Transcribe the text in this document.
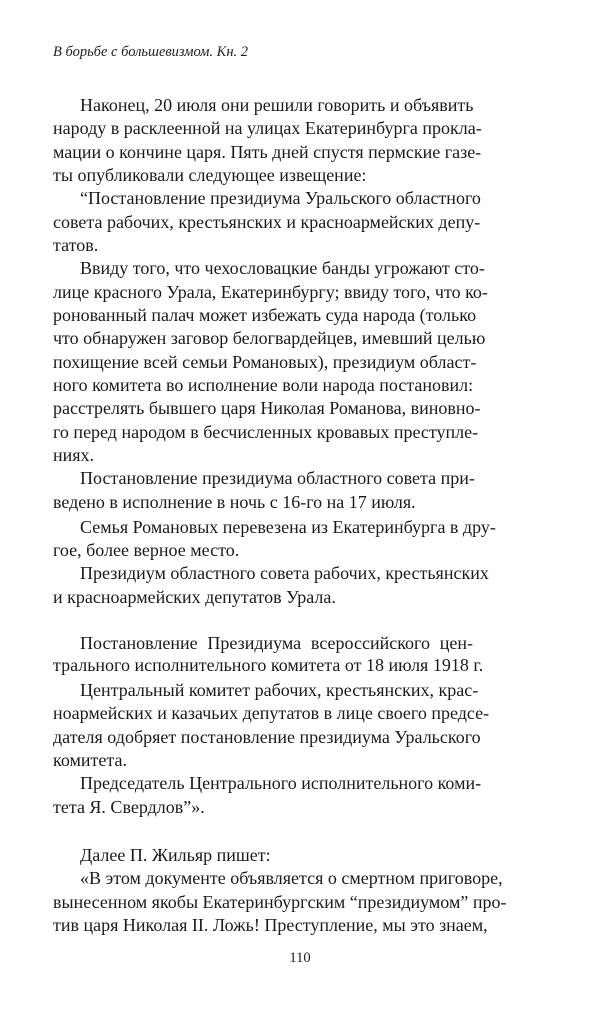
В борьбе с большевизмом. Кн. 2
Наконец, 20 июля они решили говорить и объявить
народу в расклеенной на улицах Екатеринбурга прокла-
мации о кончине царя. Пять дней спустя пермские газе-
ты опубликовали следующее извещение:
“Постановление президиума Уральского областного
совета рабочих, крестьянских и красноармейских депу-
татов.
Ввиду того, что чехословацкие банды угрожают сто-
лице красного Урала, Екатеринбургу; ввиду того, что ко-
ронованный палач может избежать суда народа (только
что обнаружен заговор белогвардейцев, имевший целью
похищение всей семьи Романовых), президиум област-
ного комитета во исполнение воли народа постановил:
расстрелять бывшего царя Николая Романова, виновно-
го перед народом в бесчисленных кровавых преступле-
ниях.
Постановление президиума областного совета при-
ведено в исполнение в ночь с 16-го на 17 июля.
Семья Романовых перевезена из Екатеринбурга в дру-
гое, более верное место.
Президиум областного совета рабочих, крестьянских
и красноармейских депутатов Урала.
Постановление Президиума всероссийского цен-
трального исполнительного комитета от 18 июля 1918 г.
Центральный комитет рабочих, крестьянских, крас-
ноармейских и казачьих депутатов в лице своего предсе-
дателя одобряет постановление президиума Уральского
комитета.
Председатель Центрального исполнительного коми-
тета Я. Свердлов”».
Далее П. Жильяр пишет:
«В этом документе объявляется о смертном приговоре,
вынесенном якобы Екатеринбургским “президиумом” про-
тив царя Николая II. Ложь! Преступление, мы это знаем,
110
